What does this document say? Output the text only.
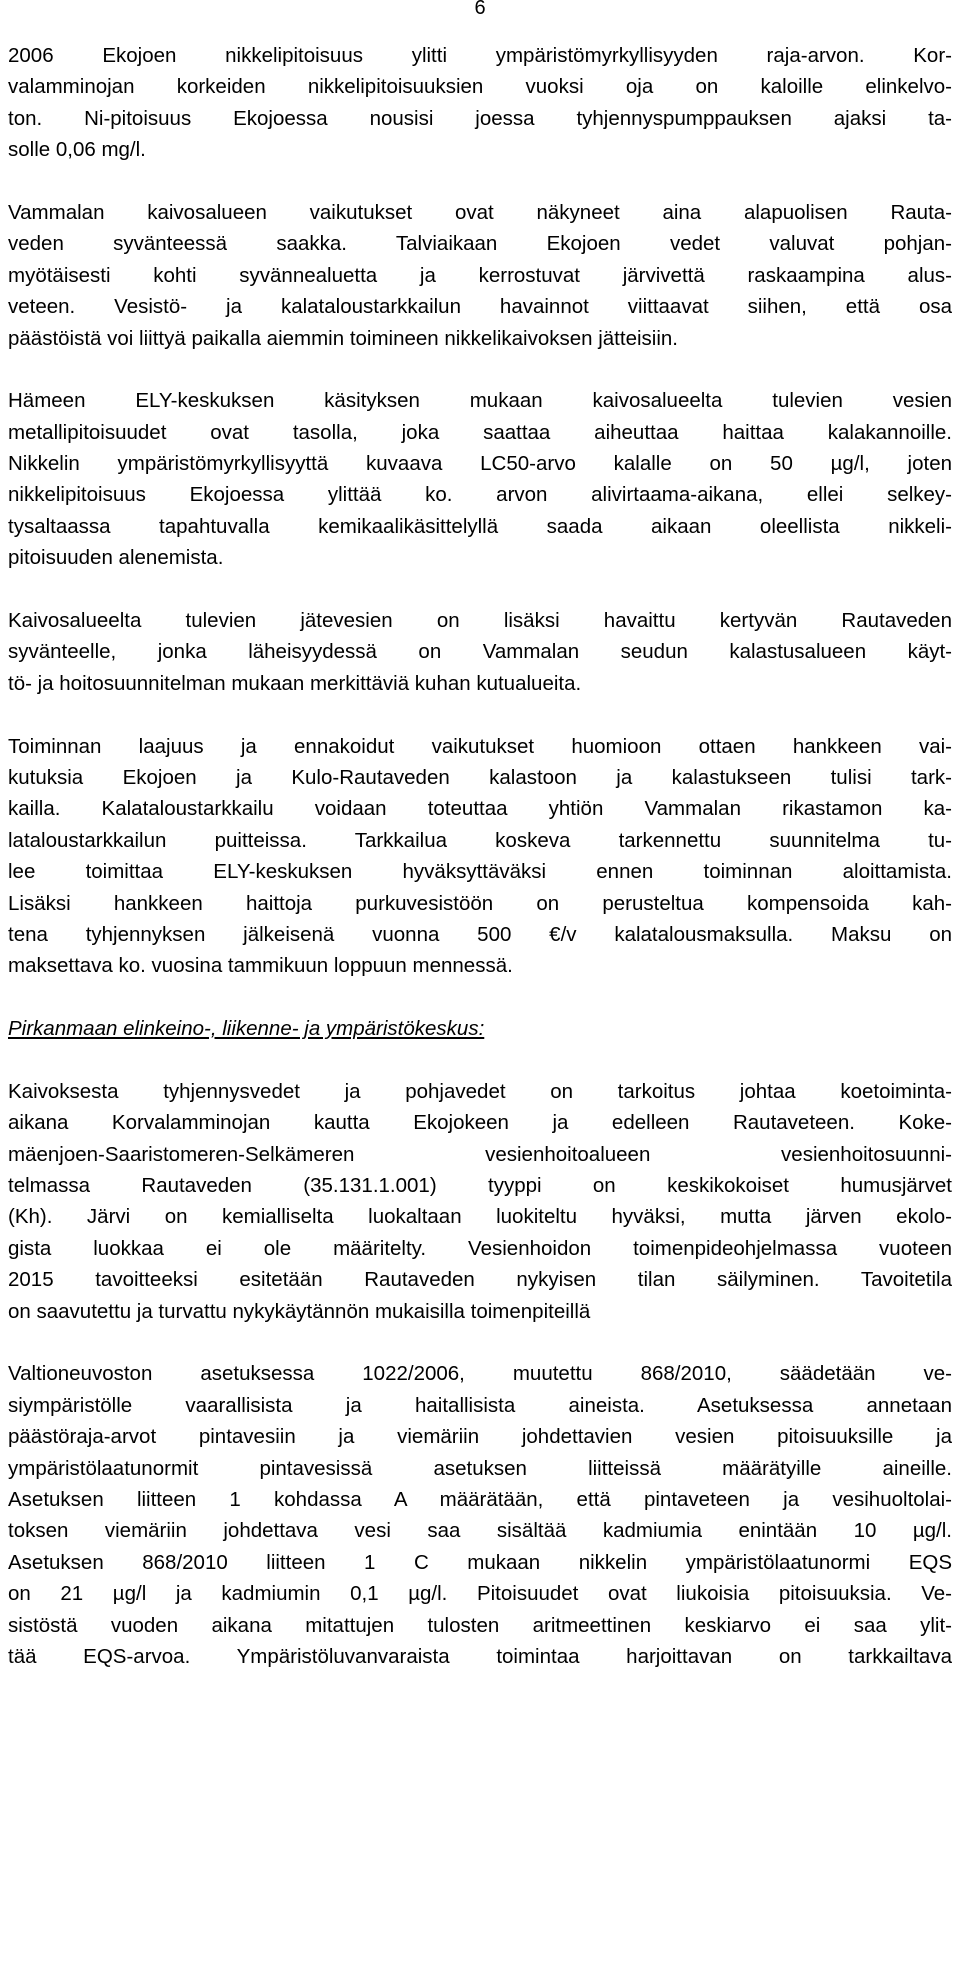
6
2006 Ekojoen nikkelipitoisuus ylitti ympäristömyrkyllisyyden raja-arvon. Kor-
valamminojan korkeiden nikkelipitoisuuksien vuoksi oja on kaloille elinkelvo-
ton. Ni-pitoisuus Ekojoessa nousisi joessa tyhjennyspumppauksen ajaksi ta-
solle 0,06 mg/l.
Vammalan kaivosalueen vaikutukset ovat näkyneet aina alapuolisen Rauta-
veden syvänteessä saakka. Talviaikaan Ekojoen vedet valuvat pohjan-
myötäisesti kohti syvännealuetta ja kerrostuvat järvivettä raskaampina alus-
veteen. Vesistö- ja kalataloustarkkailun havainnot viittaavat siihen, että osa
päästöistä voi liittyä paikalla aiemmin toimineen nikkelikaivoksen jätteisiin.
Hämeen ELY-keskuksen käsityksen mukaan kaivosalueelta tulevien vesien
metallipitoisuudet ovat tasolla, joka saattaa aiheuttaa haittaa kalakannoille.
Nikkelin ympäristömyrkyllisyyttä kuvaava LC50-arvo kalalle on 50 µg/l, joten
nikkelipitoisuus Ekojoessa ylittää ko. arvon alivirtaama-aikana, ellei selkey-
tysaltaassa tapahtuvalla kemikaalikäsittelyllä saada aikaan oleellista nikkeli-
pitoisuuden alenemista.
Kaivosalueelta tulevien jätevesien on lisäksi havaittu kertyvän Rautaveden
syvänteelle, jonka läheisyydessä on Vammalan seudun kalastusalueen käyt-
tö- ja hoitosuunnitelman mukaan merkittäviä kuhan kutualueita.
Toiminnan laajuus ja ennakoidut vaikutukset huomioon ottaen hankkeen vai-
kutuksia Ekojoen ja Kulo-Rautaveden kalastoon ja kalastukseen tulisi tark-
kailla. Kalataloustarkkailu voidaan toteuttaa yhtiön Vammalan rikastamon ka-
lataloustarkkailun puitteissa. Tarkkailua koskeva tarkennettu suunnitelma tu-
lee toimittaa ELY-keskuksen hyväksyttäväksi ennen toiminnan aloittamista.
Lisäksi hankkeen haittoja purkuvesistöön on perusteltua kompensoida kah-
tena tyhjennyksen jälkeisenä vuonna 500 €/v kalatalousmaksulla. Maksu on
maksettava ko. vuosina tammikuun loppuun mennessä.
Pirkanmaan elinkeino-, liikenne- ja ympäristökeskus:
Kaivoksesta tyhjennysvedet ja pohjavedet on tarkoitus johtaa koetoiminta-
aikana Korvalamminojan kautta Ekojokeen ja edelleen Rautaveteen. Koke-
mäenjoen-Saaristomeren-Selkämeren vesienhoitoalueen vesienhoitosuunni-
telmassa Rautaveden (35.131.1.001) tyyppi on keskikokoiset humusjärvet
(Kh). Järvi on kemialliselta luokaltaan luokiteltu hyväksi, mutta järven ekolo-
gista luokkaa ei ole määritelty. Vesienhoidon toimenpideohjelmassa vuoteen
2015 tavoitteeksi esitetään Rautaveden nykyisen tilan säilyminen. Tavoitetila
on saavutettu ja turvattu nykykäytännön mukaisilla toimenpiteillä
Valtioneuvoston asetuksessa 1022/2006, muutettu 868/2010, säädetään ve-
siympäristölle vaarallisista ja haitallisista aineista. Asetuksessa annetaan
päästöraja-arvot pintavesiin ja viemäriin johdettavien vesien pitoisuuksille ja
ympäristölaatunormit pintavesissä asetuksen liitteissä määrätyille aineille.
Asetuksen liitteen 1 kohdassa A määrätään, että pintaveteen ja vesihuoltolai-
toksen viemäriin johdettava vesi saa sisältää kadmiumia enintään 10 µg/l.
Asetuksen 868/2010 liitteen 1 C mukaan nikkelin ympäristölaatunormi EQS
on 21 µg/l ja kadmiumin 0,1 µg/l. Pitoisuudet ovat liukoisia pitoisuuksia. Ve-
sistöstä vuoden aikana mitattujen tulosten aritmeettinen keskiarvo ei saa ylit-
tää EQS-arvoa. Ympäristöluvanvaraista toimintaa harjoittavan on tarkkailtava
